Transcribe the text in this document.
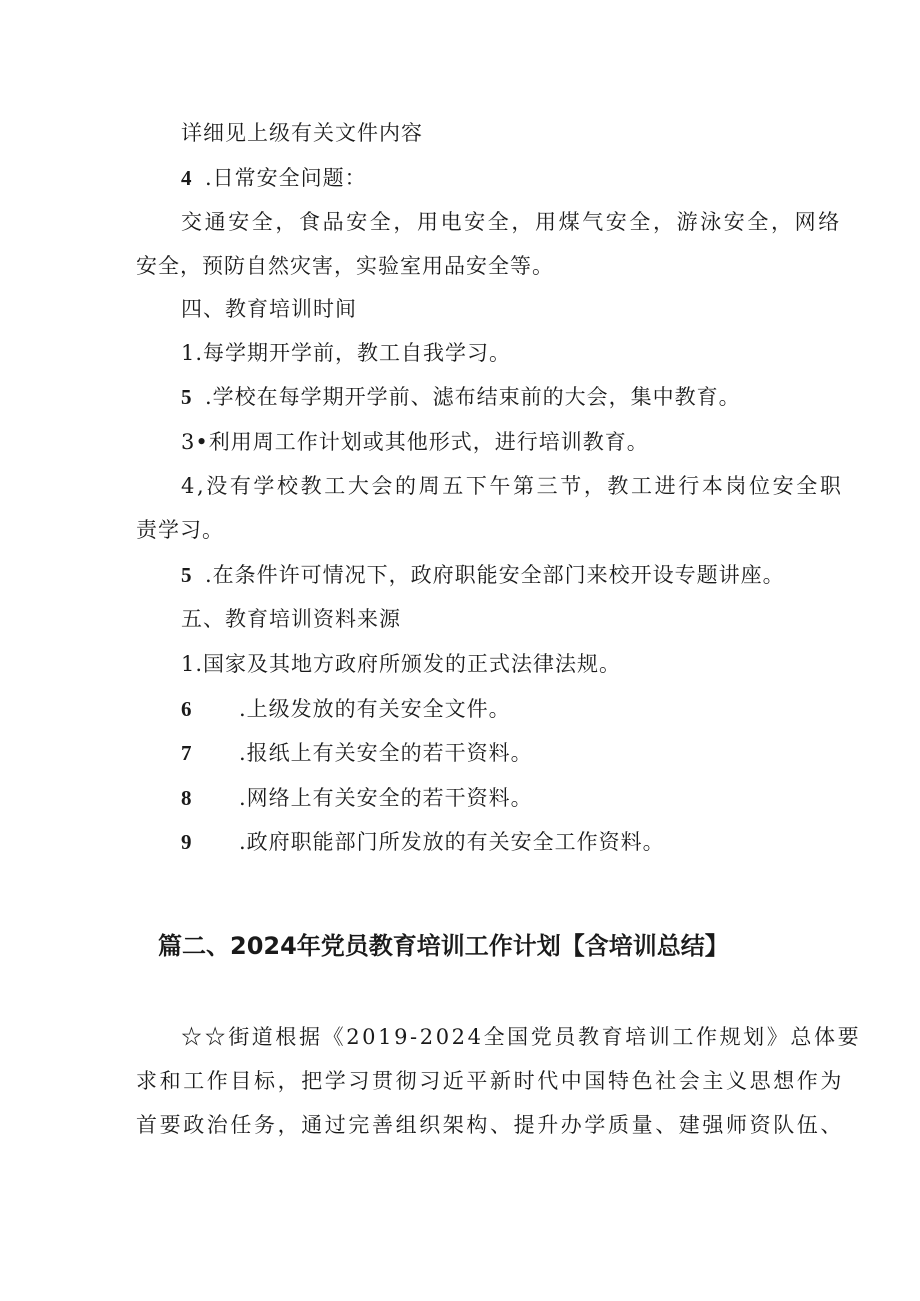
详细见上级有关文件内容
4 .日常安全问题：
交通安全，食品安全，用电安全，用煤气安全，游泳安全，网络
安全，预防自然灾害，实验室用品安全等。
四、教育培训时间
1.每学期开学前，教工自我学习。
5 .学校在每学期开学前、滤布结束前的大会，集中教育。
3•利用周工作计划或其他形式，进行培训教育。
4,没有学校教工大会的周五下午第三节，教工进行本岗位安全职
责学习。
5 .在条件许可情况下，政府职能安全部门来校开设专题讲座。
五、教育培训资料来源
1.国家及其地方政府所颁发的正式法律法规。
6 .上级发放的有关安全文件。
7 .报纸上有关安全的若干资料。
8 .网络上有关安全的若干资料。
9 .政府职能部门所发放的有关安全工作资料。
篇二、2024年党员教育培训工作计划【含培训总结】
☆☆街道根据《2019-2024全国党员教育培训工作规划》总体要
求和工作目标，把学习贯彻习近平新时代中国特色社会主义思想作为
首要政治任务，通过完善组织架构、提升办学质量、建强师资队伍、
